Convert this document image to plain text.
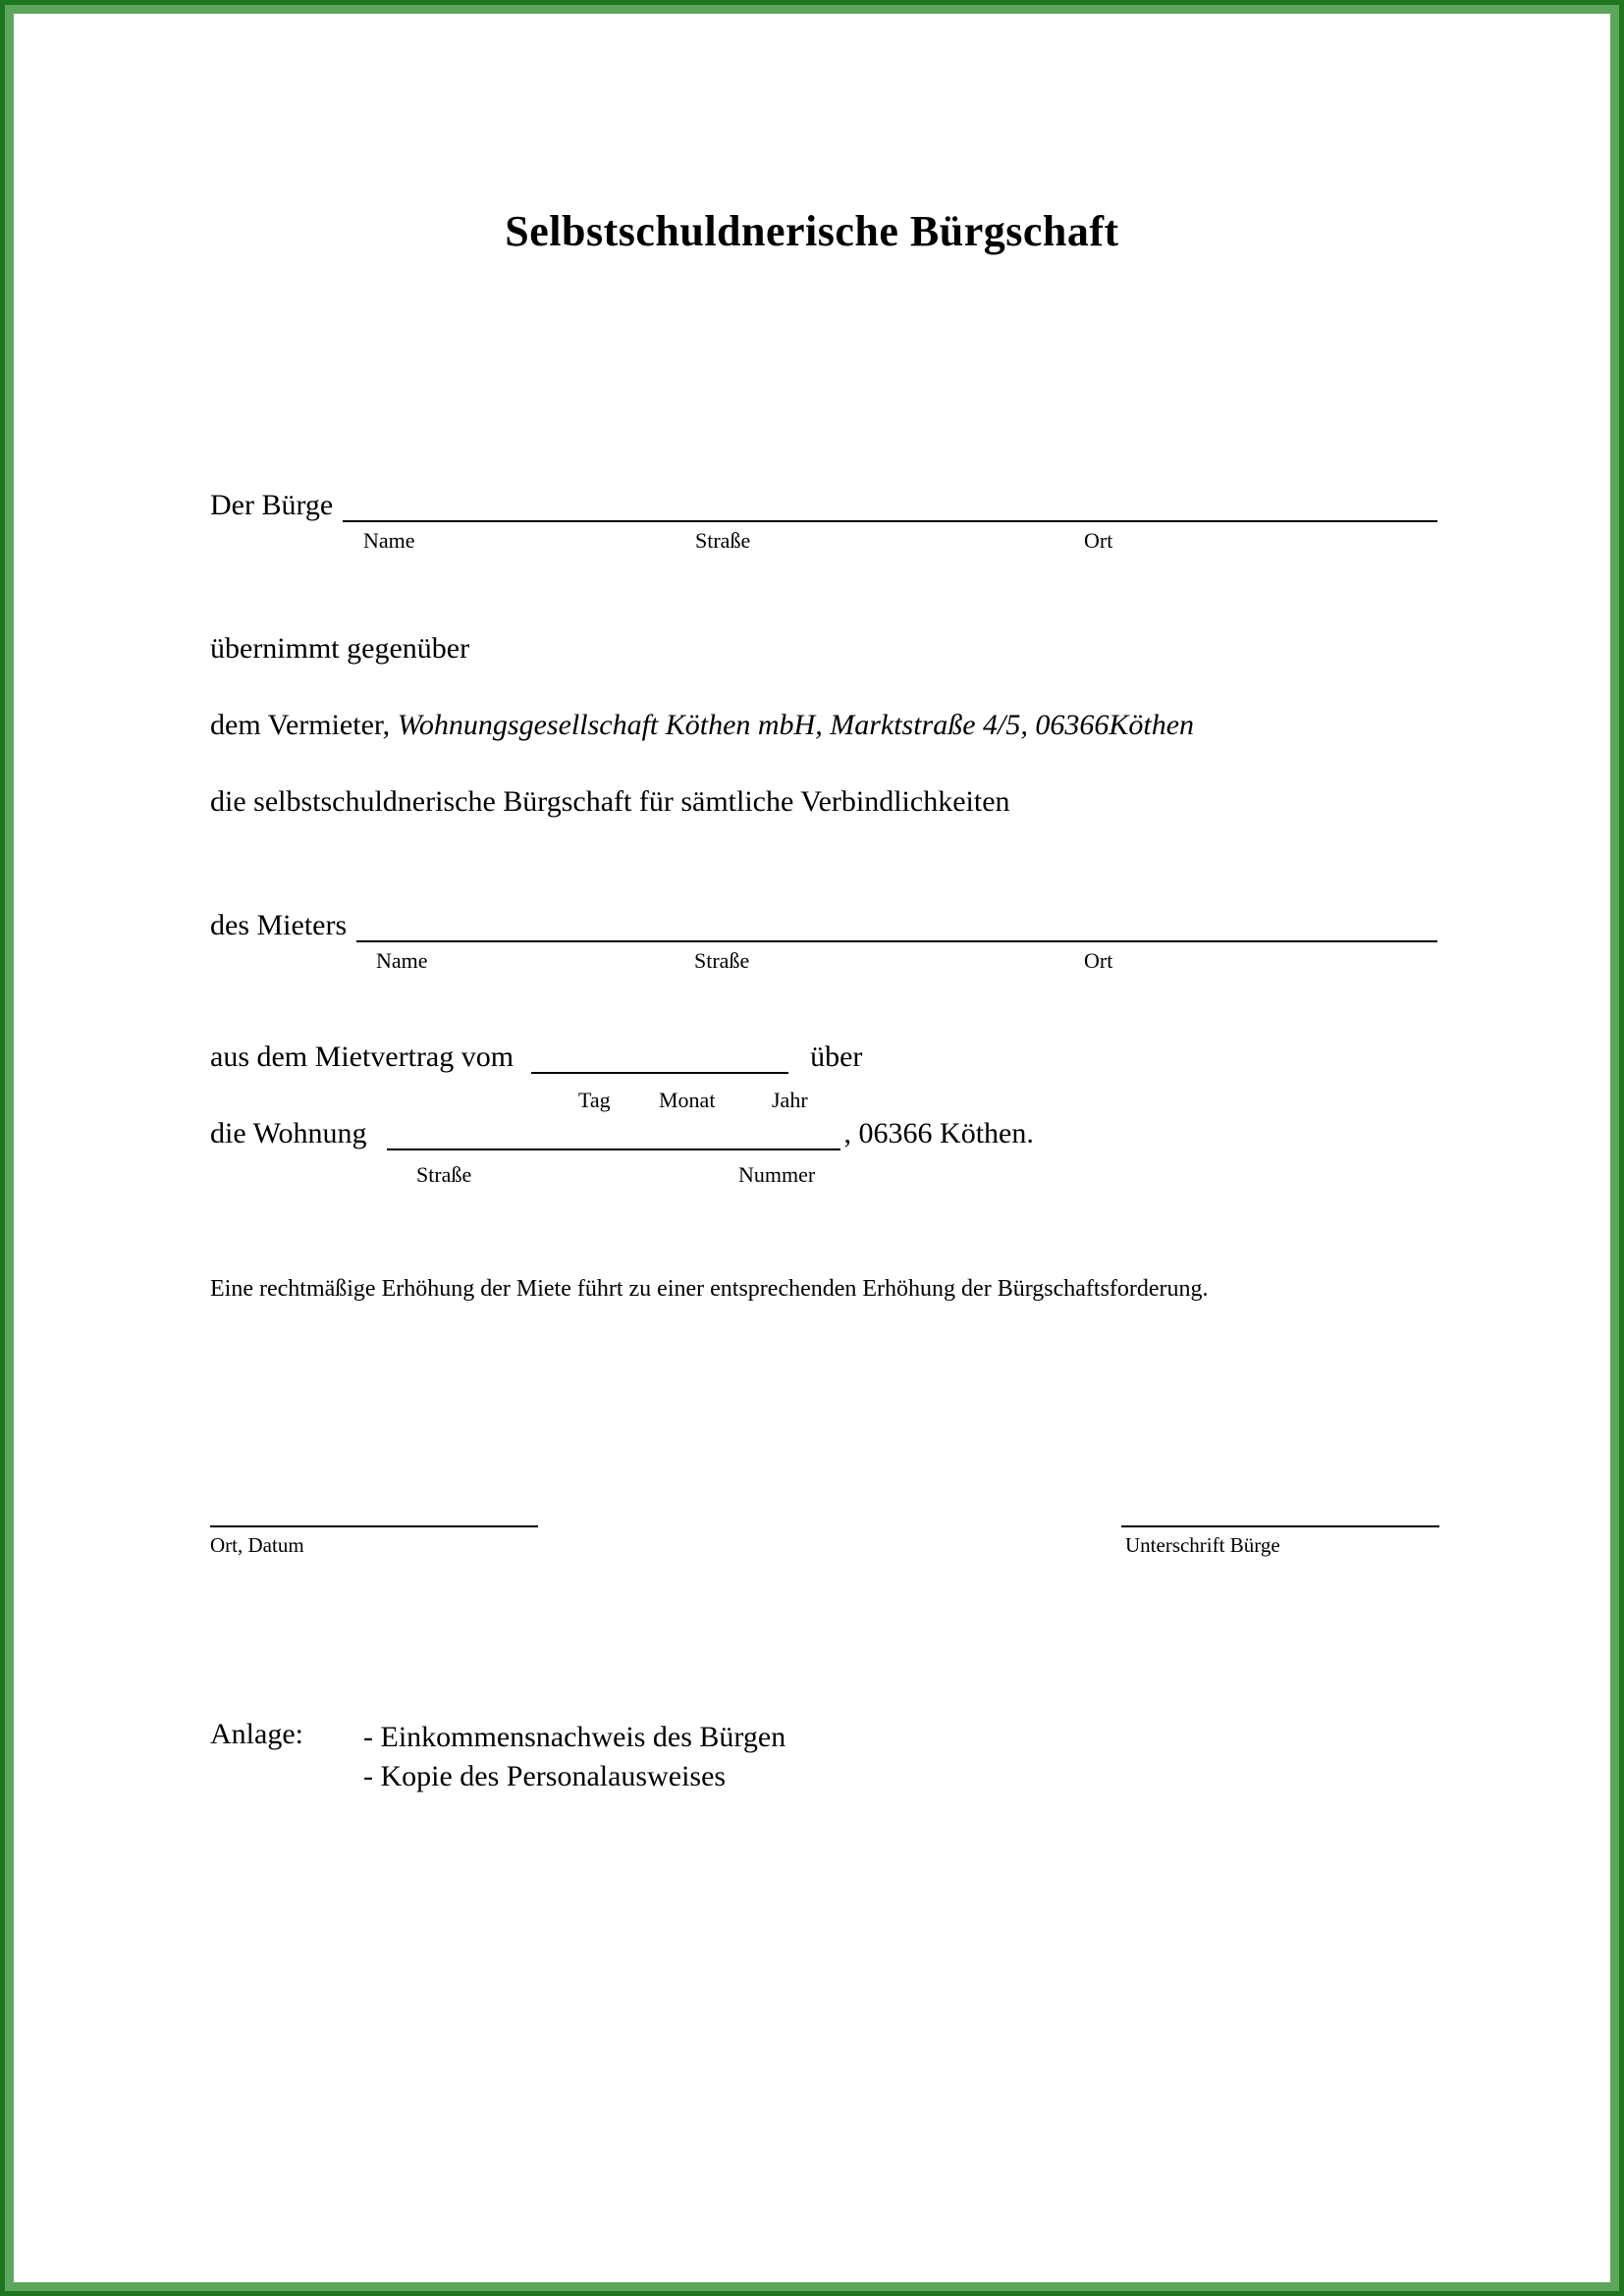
Selbstschuldnerische Bürgschaft
Der Bürge
Name	Straße	Ort
übernimmt gegenüber
dem Vermieter, Wohnungsgesellschaft Köthen mbH, Marktstraße 4/5, 06366Köthen
die selbstschuldnerische Bürgschaft für sämtliche Verbindlichkeiten
des Mieters
Name	Straße	Ort
aus dem Mietvertrag vom	über
Tag Monat	Jahr
die Wohnung	, 06366 Köthen.
Straße	Nummer
Eine rechtmäßige Erhöhung der Miete führt zu einer entsprechenden Erhöhung der Bürgschaftsforderung.
Ort, Datum	Unterschrift Bürge
Anlage:	- Einkommensnachweis des Bürgen
- Kopie des Personalausweises
